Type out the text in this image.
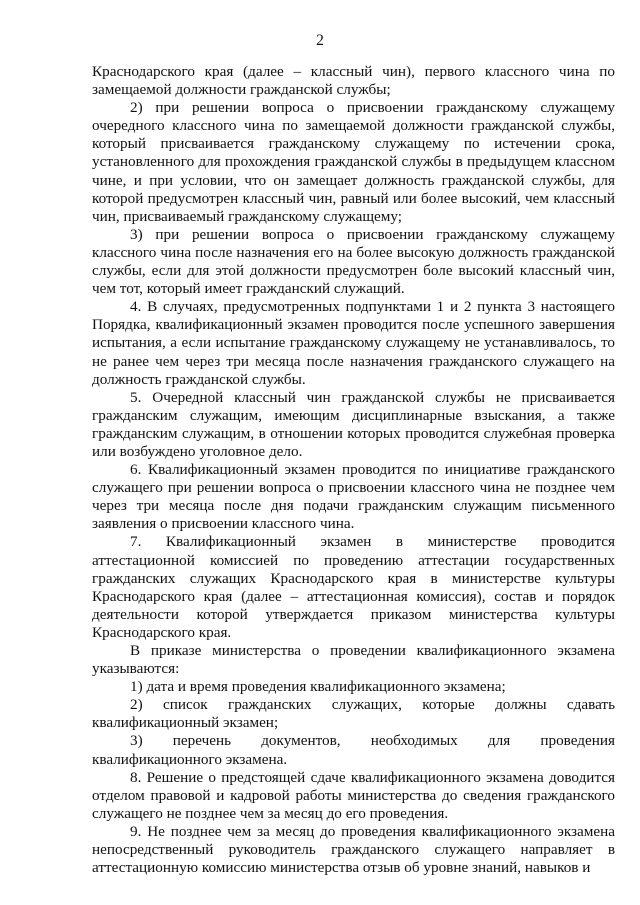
2

Краснодарского края (далее – классный чин), первого классного чина по замещаемой должности гражданской службы;

2) при решении вопроса о присвоении гражданскому служащему очередного классного чина по замещаемой должности гражданской службы, который присваивается гражданскому служащему по истечении срока, установленного для прохождения гражданской службы в предыдущем классном чине, и при условии, что он замещает должность гражданской службы, для которой предусмотрен классный чин, равный или более высокий, чем классный чин, присваиваемый гражданскому служащему;

3) при решении вопроса о присвоении гражданскому служащему классного чина после назначения его на более высокую должность гражданской службы, если для этой должности предусмотрен боле высокий классный чин, чем тот, который имеет гражданский служащий.

4. В случаях, предусмотренных подпунктами 1 и 2 пункта 3 настоящего Порядка, квалификационный экзамен проводится после успешного завершения испытания, а если испытание гражданскому служащему не устанавливалось, то не ранее чем через три месяца после назначения гражданского служащего на должность гражданской службы.

5. Очередной классный чин гражданской службы не присваивается гражданским служащим, имеющим дисциплинарные взыскания, а также гражданским служащим, в отношении которых проводится служебная проверка или возбуждено уголовное дело.

6. Квалификационный экзамен проводится по инициативе гражданского служащего при решении вопроса о присвоении классного чина не позднее чем через три месяца после дня подачи гражданским служащим письменного заявления о присвоении классного чина.

7. Квалификационный экзамен в министерстве проводится аттестационной комиссией по проведению аттестации государственных гражданских служащих Краснодарского края в министерстве культуры Краснодарского края (далее – аттестационная комиссия), состав и порядок деятельности которой утверждается приказом министерства культуры Краснодарского края.

В приказе министерства о проведении квалификационного экзамена указываются:

1) дата и время проведения квалификационного экзамена;

2) список гражданских служащих, которые должны сдавать квалификационный экзамен;

3) перечень документов, необходимых для проведения квалификационного экзамена.

8. Решение о предстоящей сдаче квалификационного экзамена доводится отделом правовой и кадровой работы министерства до сведения гражданского служащего не позднее чем за месяц до его проведения.

9. Не позднее чем за месяц до проведения квалификационного экзамена непосредственный руководитель гражданского служащего направляет в аттестационную комиссию министерства отзыв об уровне знаний, навыков и
